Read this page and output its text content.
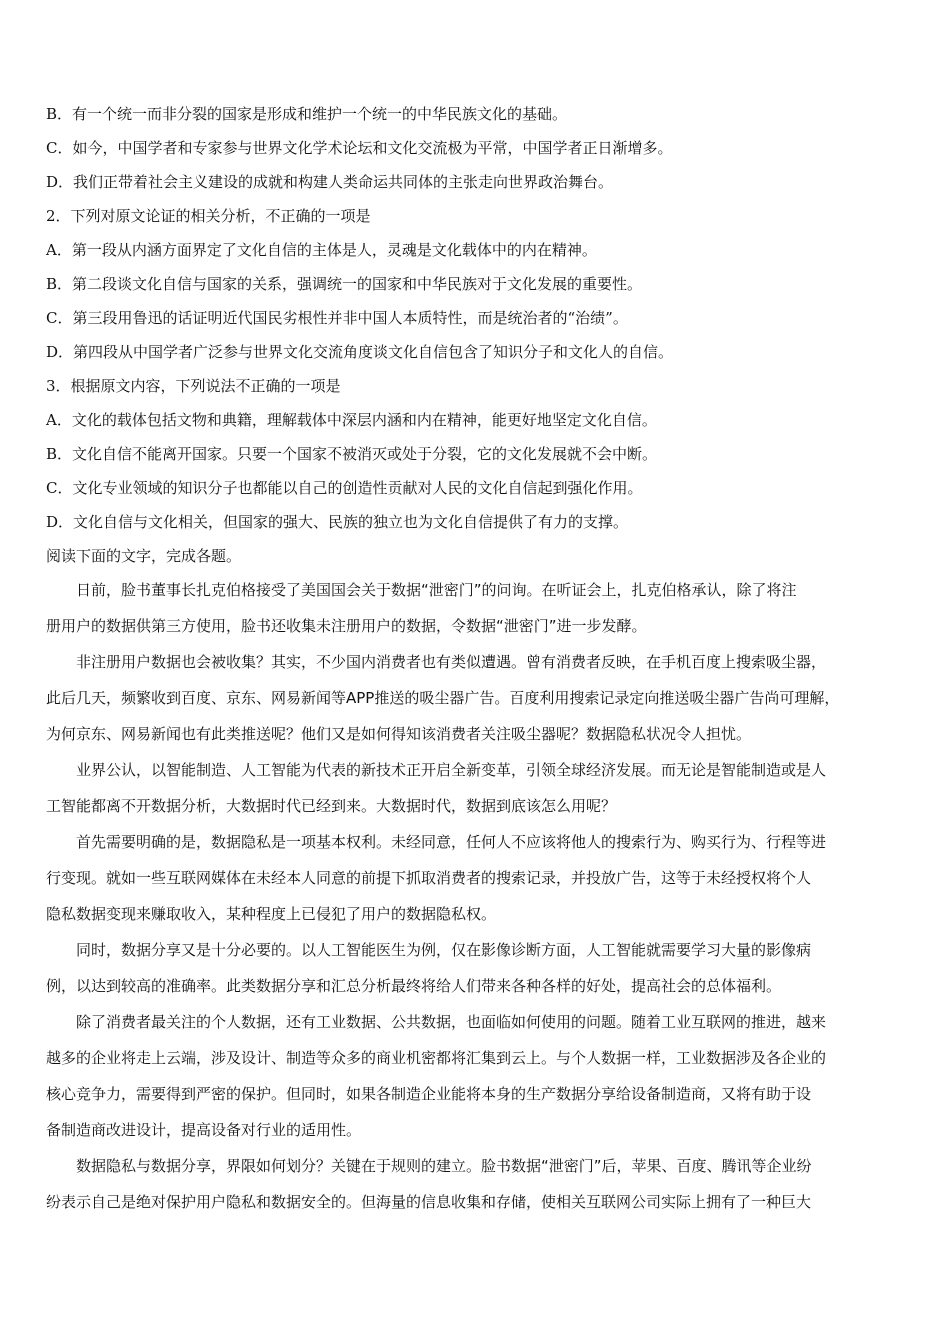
B．有一个统一而非分裂的国家是形成和维护一个统一的中华民族文化的基础。
C．如今，中国学者和专家参与世界文化学术论坛和文化交流极为平常，中国学者正日渐增多。
D．我们正带着社会主义建设的成就和构建人类命运共同体的主张走向世界政治舞台。
2．下列对原文论证的相关分析，不正确的一项是
A．第一段从内涵方面界定了文化自信的主体是人，灵魂是文化载体中的内在精神。
B．第二段谈文化自信与国家的关系，强调统一的国家和中华民族对于文化发展的重要性。
C．第三段用鲁迅的话证明近代国民劣根性并非中国人本质特性，而是统治者的“治绩”。
D．第四段从中国学者广泛参与世界文化交流角度谈文化自信包含了知识分子和文化人的自信。
3．根据原文内容，下列说法不正确的一项是
A．文化的载体包括文物和典籍，理解载体中深层内涵和内在精神，能更好地坚定文化自信。
B．文化自信不能离开国家。只要一个国家不被消灭或处于分裂，它的文化发展就不会中断。
C．文化专业领域的知识分子也都能以自己的创造性贡献对人民的文化自信起到强化作用。
D．文化自信与文化相关，但国家的强大、民族的独立也为文化自信提供了有力的支撑。
阅读下面的文字，完成各题。
　　日前，脸书董事长扎克伯格接受了美国国会关于数据“泄密门”的问询。在听证会上，扎克伯格承认，除了将注
册用户的数据供第三方使用，脸书还收集未注册用户的数据，令数据“泄密门”进一步发酵。
　　非注册用户数据也会被收集？其实，不少国内消费者也有类似遭遇。曾有消费者反映，在手机百度上搜索吸尘器，
此后几天，频繁收到百度、京东、网易新闻等APP推送的吸尘器广告。百度利用搜索记录定向推送吸尘器广告尚可理解，
为何京东、网易新闻也有此类推送呢？他们又是如何得知该消费者关注吸尘器呢？数据隐私状况令人担忧。
　　业界公认，以智能制造、人工智能为代表的新技术正开启全新变革，引领全球经济发展。而无论是智能制造或是人
工智能都离不开数据分析，大数据时代已经到来。大数据时代，数据到底该怎么用呢？
　　首先需要明确的是，数据隐私是一项基本权利。未经同意，任何人不应该将他人的搜索行为、购买行为、行程等进
行变现。就如一些互联网媒体在未经本人同意的前提下抓取消费者的搜索记录，并投放广告，这等于未经授权将个人
隐私数据变现来赚取收入，某种程度上已侵犯了用户的数据隐私权。
　　同时，数据分享又是十分必要的。以人工智能医生为例，仅在影像诊断方面，人工智能就需要学习大量的影像病
例，以达到较高的准确率。此类数据分享和汇总分析最终将给人们带来各种各样的好处，提高社会的总体福利。
　　除了消费者最关注的个人数据，还有工业数据、公共数据，也面临如何使用的问题。随着工业互联网的推进，越来
越多的企业将走上云端，涉及设计、制造等众多的商业机密都将汇集到云上。与个人数据一样，工业数据涉及各企业的
核心竞争力，需要得到严密的保护。但同时，如果各制造企业能将本身的生产数据分享给设备制造商，又将有助于设
备制造商改进设计，提高设备对行业的适用性。
　　数据隐私与数据分享，界限如何划分？关键在于规则的建立。脸书数据“泄密门”后，苹果、百度、腾讯等企业纷
纷表示自己是绝对保护用户隐私和数据安全的。但海量的信息收集和存储，使相关互联网公司实际上拥有了一种巨大
